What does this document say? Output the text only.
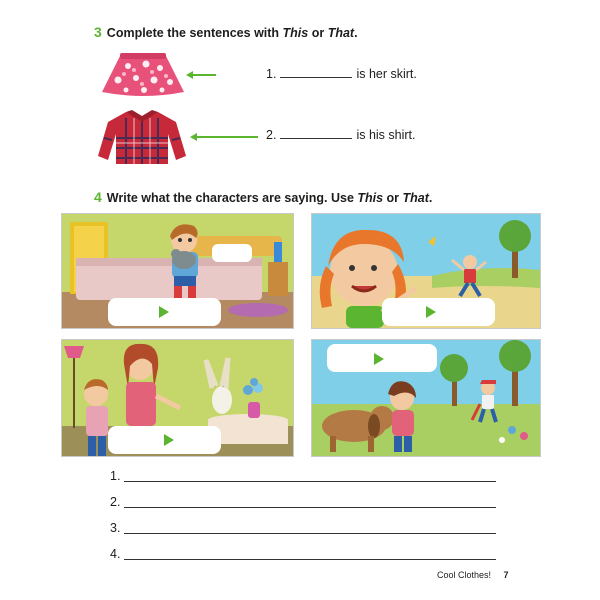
3 Complete the sentences with This or That.
1.	is her skirt.
2.	is his shirt.
4 Write what the characters are saying. Use This or That.
1	3
2
4
1.
2.
3.
4.
Cool Clothes! 7
